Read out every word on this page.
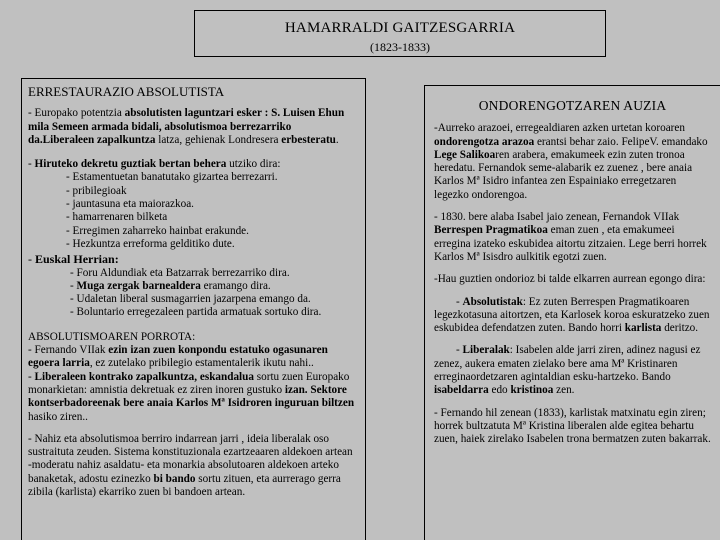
HAMARRALDI GAITZESGARRIA
(1823-1833)
ERRESTAURAZIO ABSOLUTISTA

- Europako potentzia absolutisten laguntzari esker : S. Luisen Ehun mila Semeen armada bidali, absolutismoa berrezarriko da.Liberaleen zapalkuntza latza, gehienak Londresera erbesteratu.

- Hiruteko dekretu guztiak bertan behera utziko dira:

- Estamentuetan banatutako gizartea berrezarri.

- pribilegioak

- jauntasuna eta maiorazkoa.

- hamarrenaren bilketa

- Erregimen zaharreko hainbat erakunde.

- Hezkuntza erreforma gelditiko dute.

- Euskal Herrian:

- Foru Aldundiak eta Batzarrak berrezarriko dira.

- Muga zergak barnealdera eramango dira.

- Udaletan liberal susmagarrien jazarpena emango da.

- Boluntario erregezaleen partida armatuak sortuko dira.

ABSOLUTISMOAREN PORROTA:
- Fernando VIIak ezin izan zuen konpondu estatuko ogasunaren egoera larria, ez zutelako pribilegio estamentalerik ikutu nahi..
- Liberaleen kontrako zapalkuntza, eskandalua sortu zuen Europako monarkietan: amnistia dekretuak ez ziren inoren gustuko izan. Sektore kontserbadoreenak bere anaia Karlos Mª Isidroren inguruan biltzen hasiko ziren..

- Nahiz eta absolutismoa berriro indarrean jarri , ideia liberalak oso sustraituta zeuden. Sistema konstituzionala ezartzeaaren aldekoen artean -moderatu nahiz asaldatu- eta monarkia absolutoaren aldekoen arteko banaketak, adostu ezinezko bi bando sortu zituen, eta aurrerago gerra zibila (karlista) ekarriko zuen bi bandoen artean.

ONDORENGOTZAREN AUZIA

-Aurreko arazoei, erregealdiaren azken urtetan koroaren ondorengotza arazoa erantsi behar zaio. FelipeV. emandako Lege Salikoaren arabera, emakumeek ezin zuten tronoa heredatu. Fernandok seme-alabarik ez zuenez , bere anaia Karlos Mª Isidro infantea zen Espainiako erregetzaren legezko ondorengoa.

- 1830. bere alaba Isabel jaio zenean, Fernandok VIIak Berrespen Pragmatikoa eman zuen , eta emakumeei erregina izateko eskubidea aitortu zitzaien. Lege berri horrek Karlos Mª Isisdro aulkitik egotzi zuen.

-Hau guztien ondorioz bi talde elkarren aurrean egongo dira:

- Absolutistak: Ez zuten Berrespen Pragmatikoaren legezkotasuna aitortzen, eta Karlosek koroa eskuratzeko zuen eskubidea defendatzen zuten. Bando horri karlista deritzo.

- Liberalak: Isabelen alde jarri ziren, adinez nagusi ez zenez, aukera ematen zielako bere ama Mª Kristinaren erreginaordetzaren agintaldian esku-hartzeko. Bando isabeldarra edo kristinoa zen.

- Fernando hil zenean (1833), karlistak matxinatu egin ziren; horrek bultzatuta Mª Kristina liberalen alde egitea behartu zuen, haiek zirelako Isabelen trona bermatzen zuten bakarrak.
